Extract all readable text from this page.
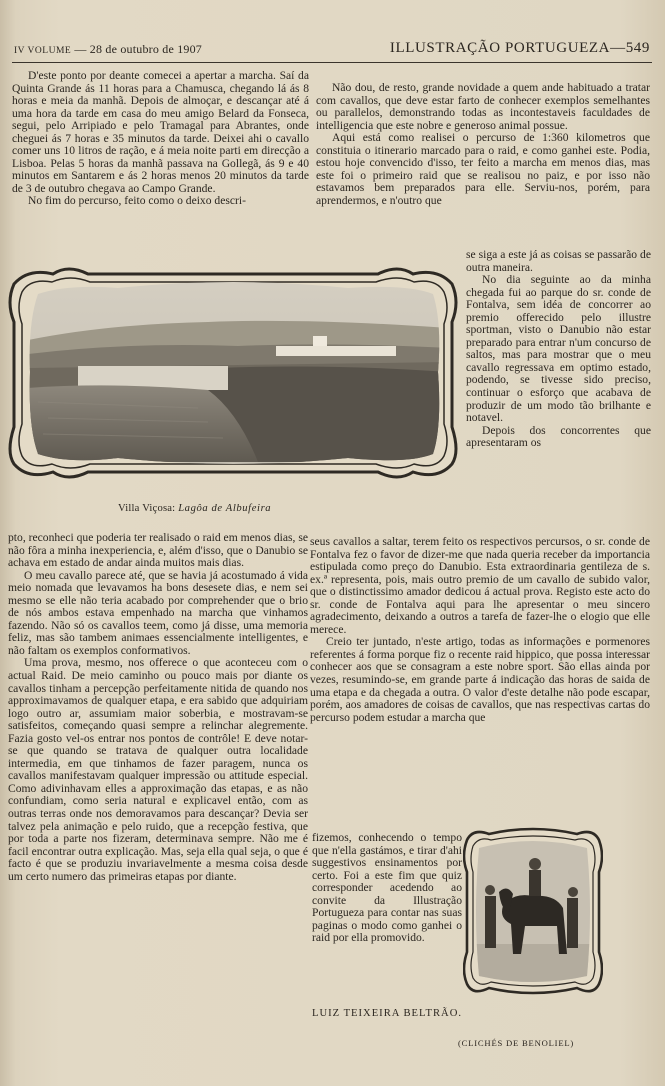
IV VOLUME — 28 de outubro de 1907	ILLUSTRAÇÃO PORTUGUEZA—549

D'este ponto por deante comecei a apertar a marcha. Saí da Quinta Grande ás 11 horas para a Chamusca, chegando lá ás 8 horas e meia da manhã. Depois de almoçar, e descançar até á uma hora da tarde em casa do meu amigo Belard da Fonseca, segui, pelo Arripiado e pelo Tramagal para Abrantes, onde cheguei ás 7 horas e 35 minutos da tarde. Deixei ahi o cavallo comer uns 10 litros de ração, e á meia noite parti em direcção a Lisboa. Pelas 5 horas da manhã passava na Gollegã, ás 9 e 40 minutos em Santarem e ás 2 horas menos 20 minutos da tarde de 3 de outubro chegava ao Campo Grande.

No fim do percurso, feito como o deixo descri-

Não dou, de resto, grande novidade a quem ande habituado a tratar com cavallos, que deve estar farto de conhecer exemplos semelhantes ou parallelos, demonstrando todas as incontestaveis faculdades de intelligencia que este nobre e generoso animal possue.

Aqui está como realisei o percurso de 1:360 kilometros que constituia o itinerario marcado para o raid, e como ganhei este. Podia, estou hoje convencido d'isso, ter feito a marcha em menos dias, mas este foi o primeiro raid que se realisou no paiz, e por isso não estavamos bem preparados para elle. Serviu-nos, porém, para aprendermos, e n'outro que

Villa Viçosa: Lagôa de Albufeira

se siga a este já as coisas se passarão de outra maneira.

No dia seguinte ao da minha chegada fui ao parque do sr. conde de Fontalva, sem idéa de concorrer ao premio offerecido pelo illustre sportman, visto o Danubio não estar preparado para entrar n'um concurso de saltos, mas para mostrar que o meu cavallo regressava em optimo estado, podendo, se tivesse sido preciso, continuar o esforço que acabava de produzir de um modo tão brilhante e notavel.

Depois dos concorrentes que apresentaram os

pto, reconheci que poderia ter realisado o raid em menos dias, se não fôra a minha inexperiencia, e, além d'isso, que o Danubio se achava em estado de andar ainda muitos mais dias.

O meu cavallo parece até, que se havia já acostumado á vida meio nomada que levavamos ha bons desesete dias, e nem sei mesmo se elle não teria acabado por comprehender que o brio de nós ambos estava empenhado na marcha que vinhamos fazendo. Não só os cavallos teem, como já disse, uma memoria feliz, mas são tambem animaes essencialmente intelligentes, e não faltam os exemplos conformativos.

Uma prova, mesmo, nos offerece o que aconteceu com o actual Raid. De meio caminho ou pouco mais por diante os cavallos tinham a percepção perfeitamente nitida de quando nos approximavamos de qualquer etapa, e era sabido que adquiriam logo outro ar, assumiam maior soberbia, e mostravam-se satisfeitos, começando quasi sempre a relinchar alegremente. Fazia gosto vel-os entrar nos pontos de contrôle! E deve notar-se que quando se tratava de qualquer outra localidade intermedia, em que tinhamos de fazer paragem, nunca os cavallos manifestavam qualquer impressão ou attitude especial. Como adivinhavam elles a approximação das etapas, e as não confundiam, como seria natural e explicavel então, com as outras terras onde nos demoravamos para descançar? Devia ser talvez pela animação e pelo ruido, que a recepção festiva, que por toda a parte nos fizeram, determinava sempre. Não me é facil encontrar outra explicação. Mas, seja ella qual seja, o que é facto é que se produziu invariavelmente a mesma coisa desde um certo numero das primeiras etapas por diante.

seus cavallos a saltar, terem feito os respectivos percursos, o sr. conde de Fontalva fez o favor de dizer-me que nada queria receber da importancia estipulada como preço do Danubio. Esta extraordinaria gentileza de s. ex.ª representa, pois, mais outro premio de um cavallo de subido valor, que o distinctissimo amador dedicou á actual prova. Registo este acto do sr. conde de Fontalva aqui para lhe apresentar o meu sincero agradecimento, deixando a outros a tarefa de fazer-lhe o elogio que elle merece.

Creio ter juntado, n'este artigo, todas as informações e pormenores referentes á forma porque fiz o recente raid hippico, que possa interessar conhecer aos que se consagram a este nobre sport. São ellas ainda por vezes, resumindo-se, em grande parte á indicação das horas de saida de uma etapa e da chegada a outra. O valor d'este detalhe não pode escapar, porém, aos amadores de coisas de cavallos, que nas respectivas cartas do percurso podem estudar a marcha que

fizemos, conhecendo o tempo que n'ella gastámos, e tirar d'ahi suggestivos ensinamentos por certo. Foi a este fim que quiz corresponder acedendo ao convite da Illustração Portugueza para contar nas suas paginas o modo como ganhei o raid por ella promovido.

LUIZ TEIXEIRA BELTRÃO.
(CLICHÉS DE BENOLIEL)
